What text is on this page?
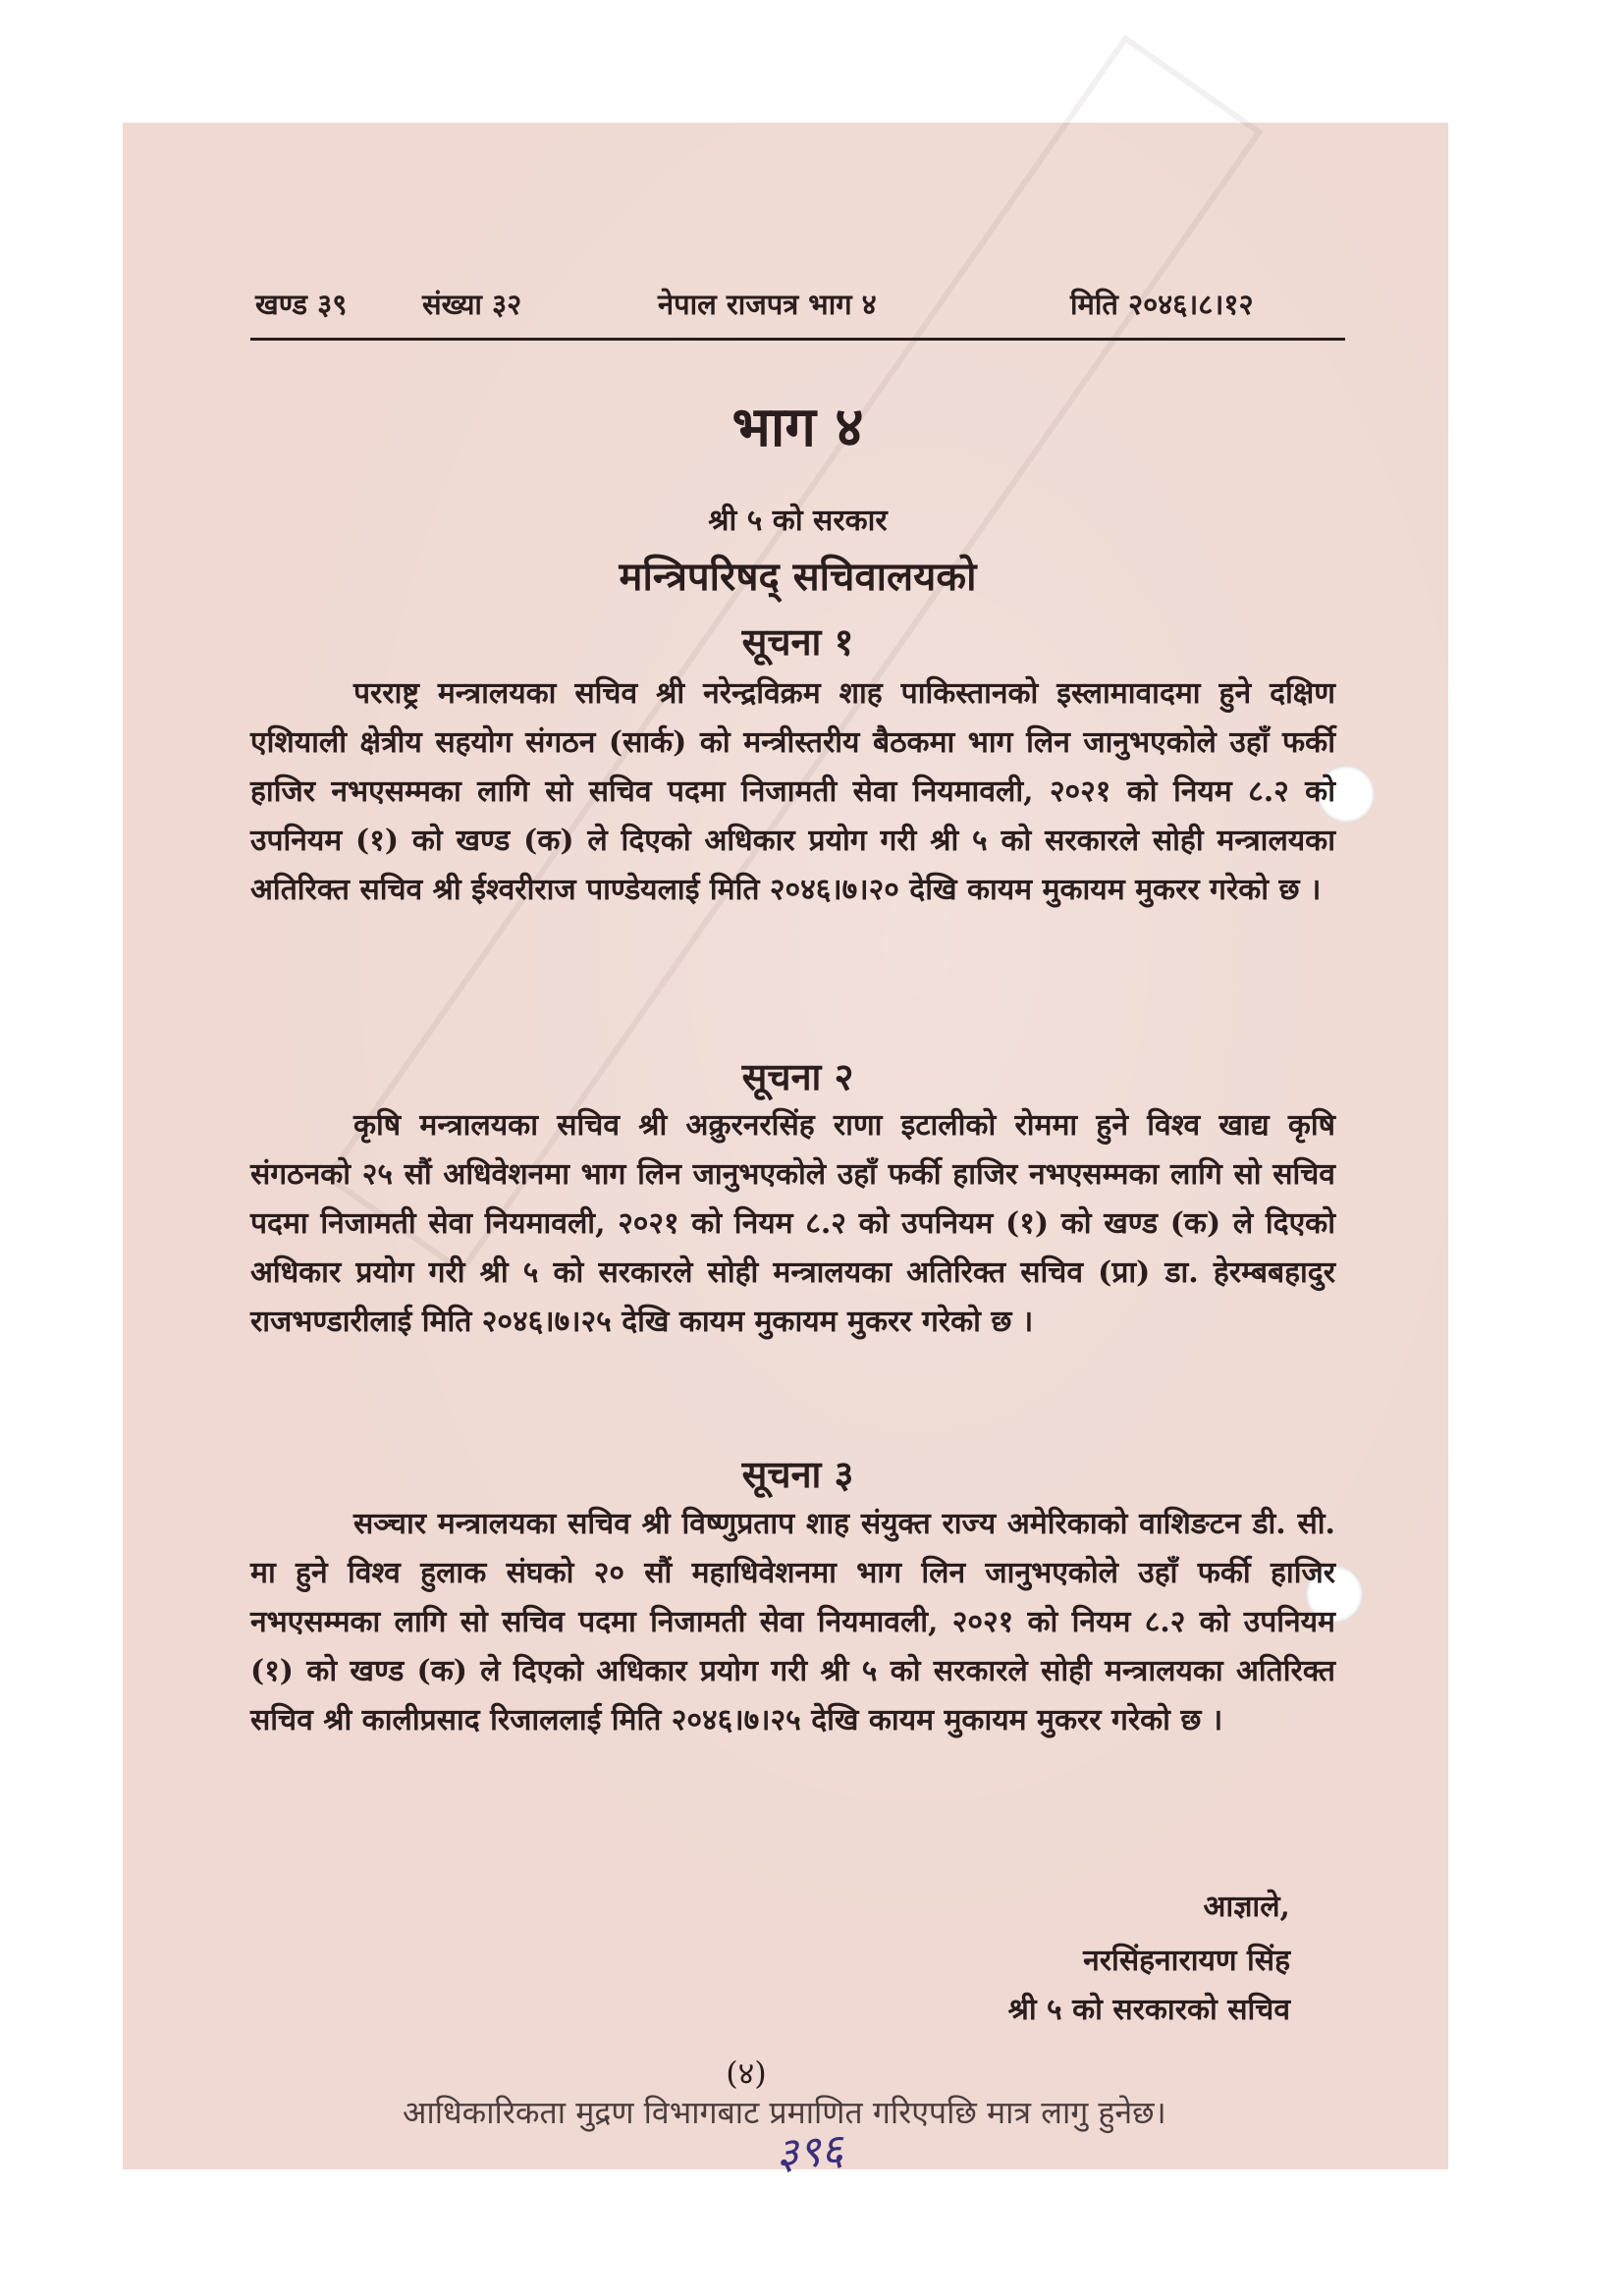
खण्ड ३९	संख्या ३२	नेपाल राजपत्र भाग ४	मिति २०४६।८।१२
भाग ४
श्री ५ को सरकार
मन्त्रिपरिषद् सचिवालयको
सूचना १

परराष्ट्र मन्त्रालयका सचिव श्री नरेन्द्रविक्रम शाह पाकिस्तानको इस्लामावादमा हुने दक्षिण एशियाली क्षेत्रीय सहयोग संगठन (सार्क) को मन्त्रीस्तरीय बैठकमा भाग लिन जानुभएकोले उहाँ फर्की हाजिर नभएसम्मका लागि सो सचिव पदमा निजामती सेवा नियमावली, २०२१ को नियम ८.२ को उपनियम (१) को खण्ड (क) ले दिएको अधिकार प्रयोग गरी श्री ५ को सरकारले सोही मन्त्रालयका अतिरिक्त सचिव श्री ईश्वरीराज पाण्डेयलाई मिति २०४६।७।२० देखि कायम मुकायम मुकरर गरेको छ ।

सूचना २

कृषि मन्त्रालयका सचिव श्री अक्रुरनरसिंह राणा इटालीको रोममा हुने विश्व खाद्य कृषि संगठनको २५ सौं अधिवेशनमा भाग लिन जानुभएकोले उहाँ फर्की हाजिर नभएसम्मका लागि सो सचिव पदमा निजामती सेवा नियमावली, २०२१ को नियम ८.२ को उपनियम (१) को खण्ड (क) ले दिएको अधिकार प्रयोग गरी श्री ५ को सरकारले सोही मन्त्रालयका अतिरिक्त सचिव (प्रा) डा. हेरम्बबहादुर राजभण्डारीलाई मिति २०४६।७।२५ देखि कायम मुकायम मुकरर गरेको छ ।

सूचना ३

सञ्चार मन्त्रालयका सचिव श्री विष्णुप्रताप शाह संयुक्त राज्य अमेरिकाको वाशिङटन डी. सी. मा हुने विश्व हुलाक संघको २० सौं महाधिवेशनमा भाग लिन जानुभएकोले उहाँ फर्की हाजिर नभएसम्मका लागि सो सचिव पदमा निजामती सेवा नियमावली, २०२१ को नियम ८.२ को उपनियम (१) को खण्ड (क) ले दिएको अधिकार प्रयोग गरी श्री ५ को सरकारले सोही मन्त्रालयका अतिरिक्त सचिव श्री कालीप्रसाद रिजाललाई मिति २०४६।७।२५ देखि कायम मुकायम मुकरर गरेको छ ।

आज्ञाले,
नरसिंहनारायण सिंह
श्री ५ को सरकारको सचिव
(४)
आधिकारिकता मुद्रण विभागबाट प्रमाणित गरिएपछि मात्र लागु हुनेछ।
३९६
